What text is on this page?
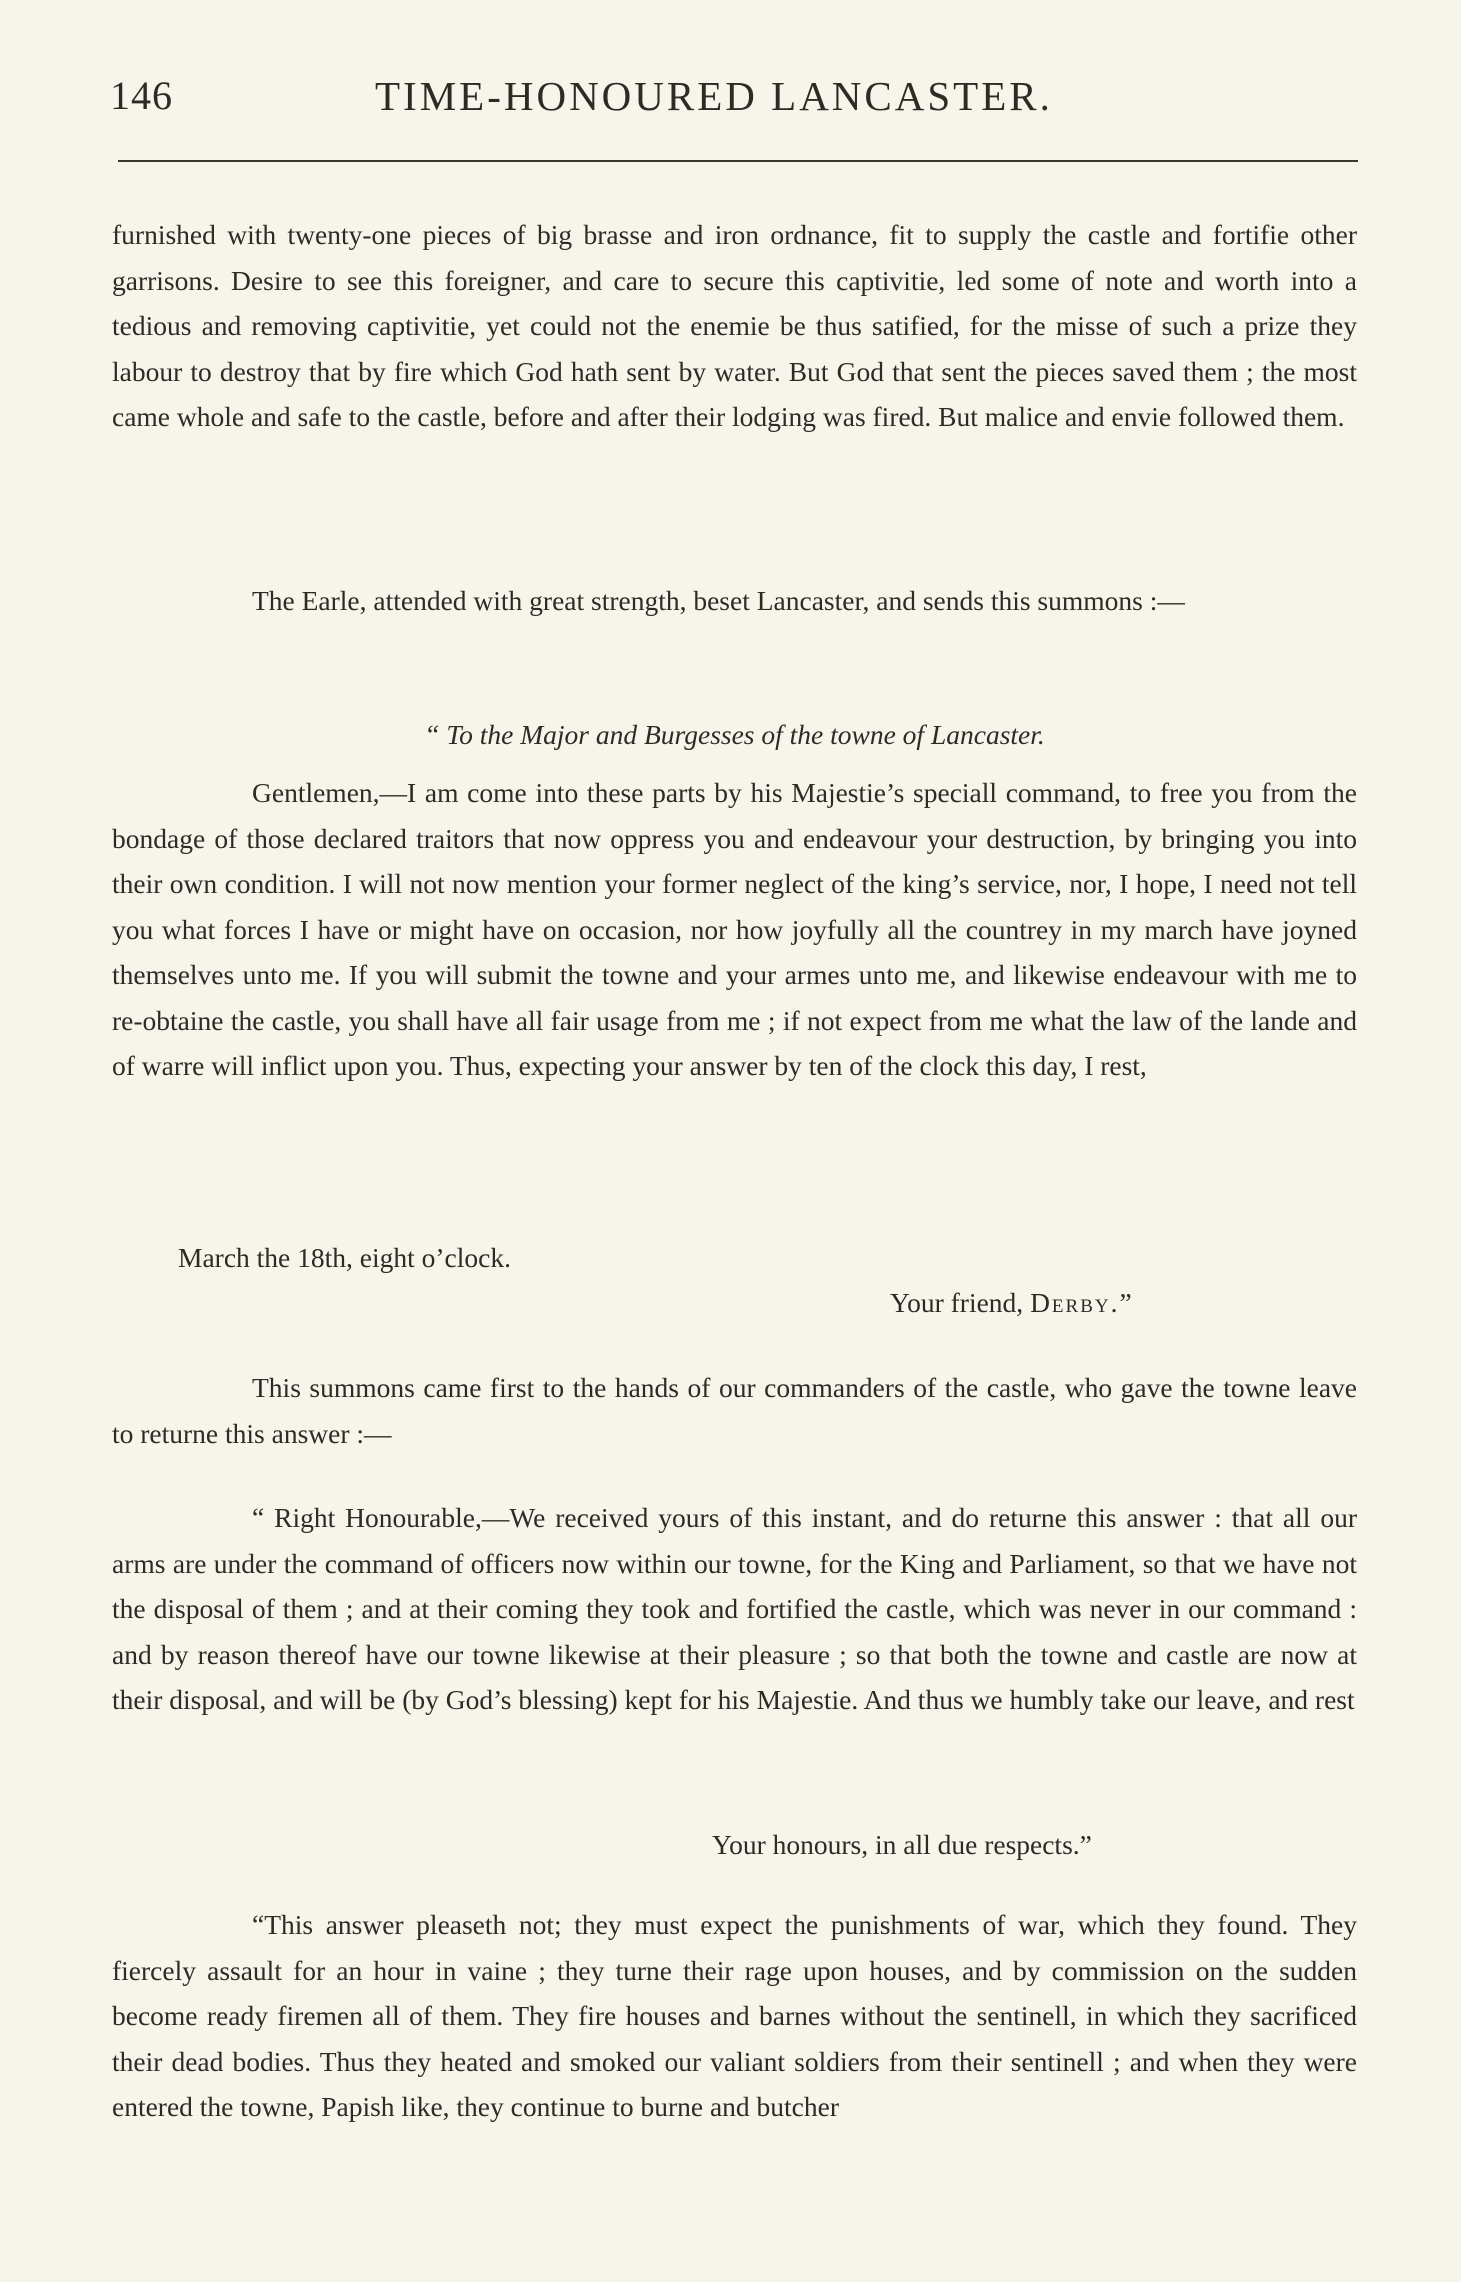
146	TIME-HONOURED LANCASTER.

furnished with twenty-one pieces of big brasse and iron ordnance, fit to supply the castle and fortifie other garrisons. Desire to see this foreigner, and care to secure this captivitie, led some of note and worth into a tedious and removing captivitie, yet could not the enemie be thus satified, for the misse of such a prize they labour to destroy that by fire which God hath sent by water. But God that sent the pieces saved them ; the most came whole and safe to the castle, before and after their lodging was fired. But malice and envie followed them.

The Earle, attended with great strength, beset Lancaster, and sends this summons :—

“ To the Major and Burgesses of the towne of Lancaster.

Gentlemen,—I am come into these parts by his Majestie’s speciall command, to free you from the bondage of those declared traitors that now oppress you and endeavour your destruction, by bringing you into their own condition. I will not now mention your former neglect of the king’s service, nor, I hope, I need not tell you what forces I have or might have on occasion, nor how joyfully all the countrey in my march have joyned themselves unto me. If you will submit the towne and your armes unto me, and likewise endeavour with me to re-obtaine the castle, you shall have all fair usage from me ; if not expect from me what the law of the lande and of warre will inflict upon you. Thus, expecting your answer by ten of the clock this day, I rest,

March the 18th, eight o’clock.
Your friend, Derby.”

This summons came first to the hands of our commanders of the castle, who gave the towne leave to returne this answer :—

“ Right Honourable,—We received yours of this instant, and do returne this answer : that all our arms are under the command of officers now within our towne, for the King and Parliament, so that we have not the disposal of them ; and at their coming they took and fortified the castle, which was never in our command : and by reason thereof have our towne likewise at their pleasure ; so that both the towne and castle are now at their disposal, and will be (by God’s blessing) kept for his Majestie. And thus we humbly take our leave, and rest

Your honours, in all due respects.”

“This answer pleaseth not; they must expect the punishments of war, which they found. They fiercely assault for an hour in vaine ; they turne their rage upon houses, and by commission on the sudden become ready firemen all of them. They fire houses and barnes without the sentinell, in which they sacrificed their dead bodies. Thus they heated and smoked our valiant soldiers from their sentinell ; and when they were entered the towne, Papish like, they continue to burne and butcher
